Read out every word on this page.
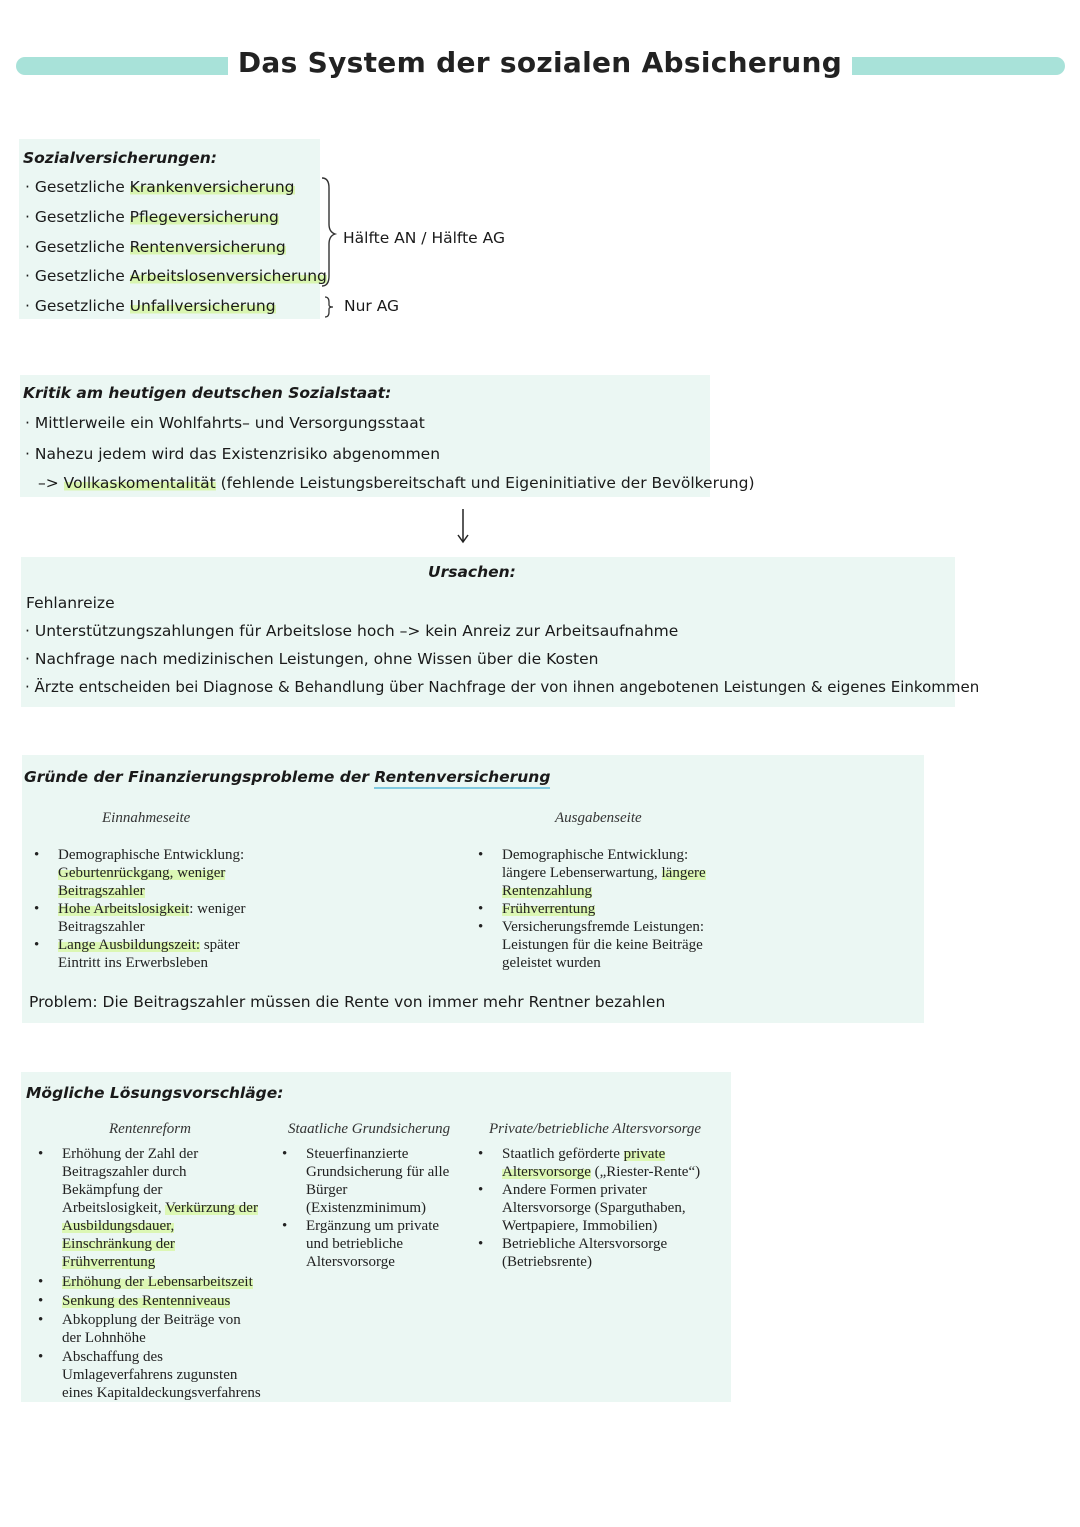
Das System der sozialen Absicherung
Sozialversicherungen:
· Gesetzliche Krankenversicherung
· Gesetzliche Pflegeversicherung
· Gesetzliche Rentenversicherung
· Gesetzliche Arbeitslosenversicherung
· Gesetzliche Unfallversicherung
Hälfte AN / Hälfte AG
Nur AG
Kritik am heutigen deutschen Sozialstaat:
· Mittlerweile ein Wohlfahrts– und Versorgungsstaat
· Nahezu jedem wird das Existenzrisiko abgenommen
–> Vollkaskomentalität (fehlende Leistungsbereitschaft und Eigeninitiative der Bevölkerung)
Ursachen:
Fehlanreize
· Unterstützungszahlungen für Arbeitslose hoch –> kein Anreiz zur Arbeitsaufnahme
· Nachfrage nach medizinischen Leistungen, ohne Wissen über die Kosten
· Ärzte entscheiden bei Diagnose & Behandlung über Nachfrage der von ihnen angebotenen Leistungen & eigenes Einkommen
Gründe der Finanzierungsprobleme der Rentenversicherung
Einnahmeseite	Ausgabenseite
• Demographische Entwicklung:
Geburtenrückgang, weniger
Beitragszahler
• Hohe Arbeitslosigkeit: weniger
Beitragszahler
• Lange Ausbildungszeit: später
Eintritt ins Erwerbsleben
• Demographische Entwicklung:
längere Lebenserwartung, längere
Rentenzahlung
• Frühverrentung
• Versicherungsfremde Leistungen:
Leistungen für die keine Beiträge
geleistet wurden
Problem: Die Beitragszahler müssen die Rente von immer mehr Rentner bezahlen
Mögliche Lösungsvorschläge:
Rentenreform	Staatliche Grundsicherung	Private/betriebliche Altersvorsorge
• Erhöhung der Zahl der
Beitragszahler durch
Bekämpfung der
Arbeitslosigkeit, Verkürzung der
Ausbildungsdauer,
Einschränkung der
Frühverrentung
• Erhöhung der Lebensarbeitszeit
• Senkung des Rentenniveaus
• Abkopplung der Beiträge von
der Lohnhöhe
• Abschaffung des
Umlageverfahrens zugunsten
eines Kapitaldeckungsverfahrens
• Steuerfinanzierte
Grundsicherung für alle
Bürger
(Existenzminimum)
• Ergänzung um private
und betriebliche
Altersvorsorge
• Staatlich geförderte private
Altersvorsorge („Riester-Rente“)
• Andere Formen privater
Altersvorsorge (Sparguthaben,
Wertpapiere, Immobilien)
• Betriebliche Altersvorsorge
(Betriebsrente)
